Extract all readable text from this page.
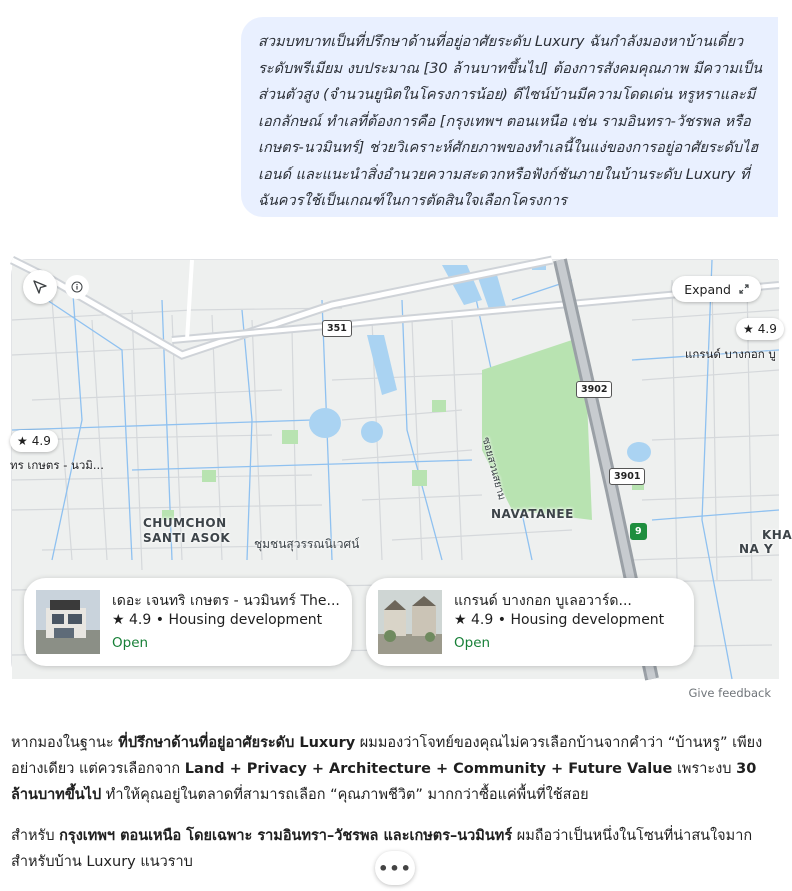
สวมบทบาทเป็นที่ปรึกษาด้านที่อยู่อาศัยระดับ Luxury ฉันกำลังมองหาบ้านเดี่ยวระดับพรีเมียม งบประมาณ [30 ล้านบาทขึ้นไป] ต้องการสังคมคุณภาพ มีความเป็นส่วนตัวสูง (จำนวนยูนิตในโครงการน้อย) ดีไซน์บ้านมีความโดดเด่น หรูหราและมีเอกลักษณ์ ทำเลที่ต้องการคือ [กรุงเทพฯ ตอนเหนือ เช่น รามอินทรา-วัชรพล หรือ เกษตร-นวมินทร์] ช่วยวิเคราะห์ศักยภาพของทำเลนี้ในแง่ของการอยู่อาศัยระดับไฮเอนด์ และแนะนำสิ่งอำนวยความสะดวกหรือฟังก์ชันภายในบ้านระดับ Luxury ที่ฉันควรใช้เป็นเกณฑ์ในการตัดสินใจเลือกโครงการ
Expand
351
3902
3901
9
CHUMCHON
SANTI ASOK
NAVATANEE
ชุมชนสุวรรณนิเวศน์
ซอยสวนสยาม
KHA
NA Y
★ 4.9
ทร เกษตร - นวมิ...
★ 4.9
แกรนด์ บางกอก บู
เดอะ เจนทริ เกษตร - นวมินทร์ The...
★ 4.9 • Housing development
Open
แกรนด์ บางกอก บูเลอวาร์ด...
★ 4.9 • Housing development
Open
Give feedback
หากมองในฐานะ ที่ปรึกษาด้านที่อยู่อาศัยระดับ Luxury ผมมองว่าโจทย์ของคุณไม่ควรเลือกบ้านจากคำว่า “บ้านหรู” เพียงอย่างเดียว แต่ควรเลือกจาก Land + Privacy + Architecture + Community + Future Value เพราะงบ 30 ล้านบาทขึ้นไป ทำให้คุณอยู่ในตลาดที่สามารถเลือก “คุณภาพชีวิต” มากกว่าซื้อแค่พื้นที่ใช้สอย
สำหรับ กรุงเทพฯ ตอนเหนือ โดยเฉพาะ รามอินทรา–วัชรพล และเกษตร–นวมินทร์ ผมถือว่าเป็นหนึ่งในโซนที่น่าสนใจมากสำหรับบ้าน Luxury แนวราบ	•••
